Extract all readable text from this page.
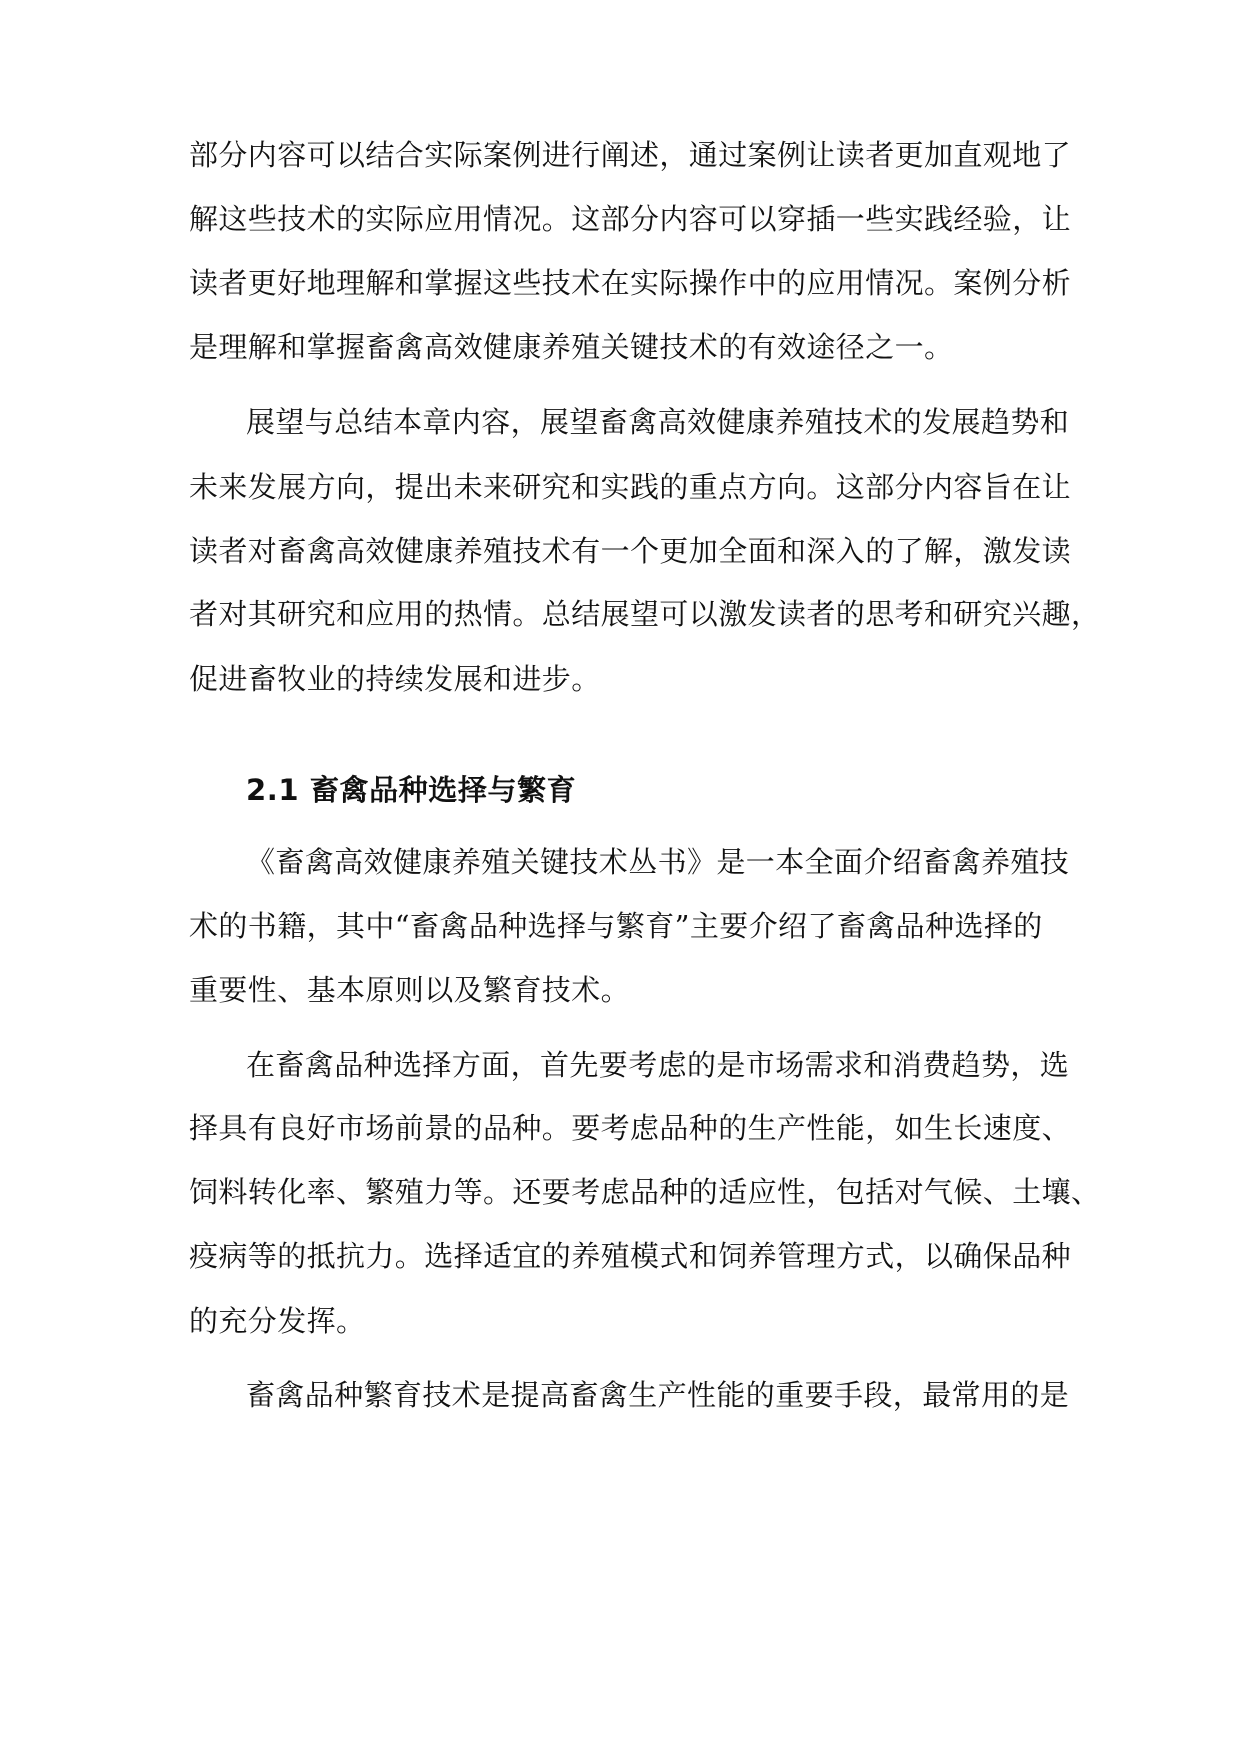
部分内容可以结合实际案例进行阐述，通过案例让读者更加直观地了
解这些技术的实际应用情况。这部分内容可以穿插一些实践经验，让
读者更好地理解和掌握这些技术在实际操作中的应用情况。案例分析
是理解和掌握畜禽高效健康养殖关键技术的有效途径之一。
展望与总结本章内容，展望畜禽高效健康养殖技术的发展趋势和
未来发展方向，提出未来研究和实践的重点方向。这部分内容旨在让
读者对畜禽高效健康养殖技术有一个更加全面和深入的了解，激发读
者对其研究和应用的热情。总结展望可以激发读者的思考和研究兴趣，
促进畜牧业的持续发展和进步。
2.1 畜禽品种选择与繁育
《畜禽高效健康养殖关键技术丛书》是一本全面介绍畜禽养殖技
术的书籍，其中“畜禽品种选择与繁育”主要介绍了畜禽品种选择的
重要性、基本原则以及繁育技术。
在畜禽品种选择方面，首先要考虑的是市场需求和消费趋势，选
择具有良好市场前景的品种。要考虑品种的生产性能，如生长速度、
饲料转化率、繁殖力等。还要考虑品种的适应性，包括对气候、土壤、
疫病等的抵抗力。选择适宜的养殖模式和饲养管理方式，以确保品种
的充分发挥。
畜禽品种繁育技术是提高畜禽生产性能的重要手段，最常用的是
